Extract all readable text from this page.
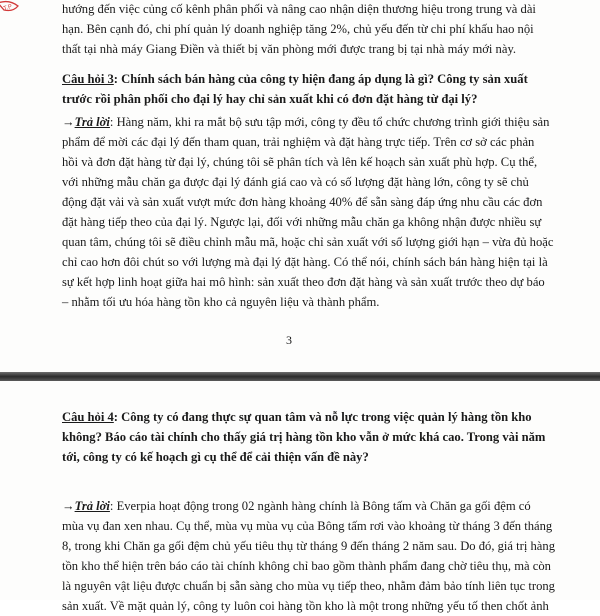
T.P	hướng đến việc củng cố kênh phân phối và nâng cao nhận diện thương hiệu trong trung và dài
hạn. Bên cạnh đó, chi phí quản lý doanh nghiệp tăng 2%, chủ yếu đến từ chi phí khấu hao nội
thất tại nhà máy Giang Điền và thiết bị văn phòng mới được trang bị tại nhà máy mới này.
Câu hỏi 3: Chính sách bán hàng của công ty hiện đang áp dụng là gì? Công ty sản xuất
trước rồi phân phối cho đại lý hay chỉ sản xuất khi có đơn đặt hàng từ đại lý?
→Trả lời: Hàng năm, khi ra mắt bộ sưu tập mới, công ty đều tổ chức chương trình giới thiệu sản
phẩm để mời các đại lý đến tham quan, trải nghiệm và đặt hàng trực tiếp. Trên cơ sở các phản
hồi và đơn đặt hàng từ đại lý, chúng tôi sẽ phân tích và lên kế hoạch sản xuất phù hợp. Cụ thể,
với những mẫu chăn ga được đại lý đánh giá cao và có số lượng đặt hàng lớn, công ty sẽ chủ
động đặt vải và sản xuất vượt mức đơn hàng khoảng 40% để sẵn sàng đáp ứng nhu cầu các đơn
đặt hàng tiếp theo của đại lý. Ngược lại, đối với những mẫu chăn ga không nhận được nhiều sự
quan tâm, chúng tôi sẽ điều chỉnh mẫu mã, hoặc chỉ sản xuất với số lượng giới hạn – vừa đủ hoặc
chỉ cao hơn đôi chút so với lượng mà đại lý đặt hàng. Có thể nói, chính sách bán hàng hiện tại là
sự kết hợp linh hoạt giữa hai mô hình: sản xuất theo đơn đặt hàng và sản xuất trước theo dự báo
– nhằm tối ưu hóa hàng tồn kho cả nguyên liệu và thành phẩm.
3
Câu hỏi 4: Công ty có đang thực sự quan tâm và nỗ lực trong việc quản lý hàng tồn kho
không? Báo cáo tài chính cho thấy giá trị hàng tồn kho vẫn ở mức khá cao. Trong vài năm
tới, công ty có kế hoạch gì cụ thể để cải thiện vấn đề này?
→Trả lời: Everpia hoạt động trong 02 ngành hàng chính là Bông tấm và Chăn ga gối đệm có
mùa vụ đan xen nhau. Cụ thể, mùa vụ mùa vụ của Bông tấm rơi vào khoảng từ tháng 3 đến tháng
8, trong khi Chăn ga gối đệm chủ yếu tiêu thụ từ tháng 9 đến tháng 2 năm sau. Do đó, giá trị hàng
tồn kho thể hiện trên báo cáo tài chính không chỉ bao gồm thành phẩm đang chờ tiêu thụ, mà còn
là nguyên vật liệu được chuẩn bị sẵn sàng cho mùa vụ tiếp theo, nhằm đảm bảo tính liên tục trong
sản xuất. Về mặt quản lý, công ty luôn coi hàng tồn kho là một trong những yếu tố then chốt ảnh
